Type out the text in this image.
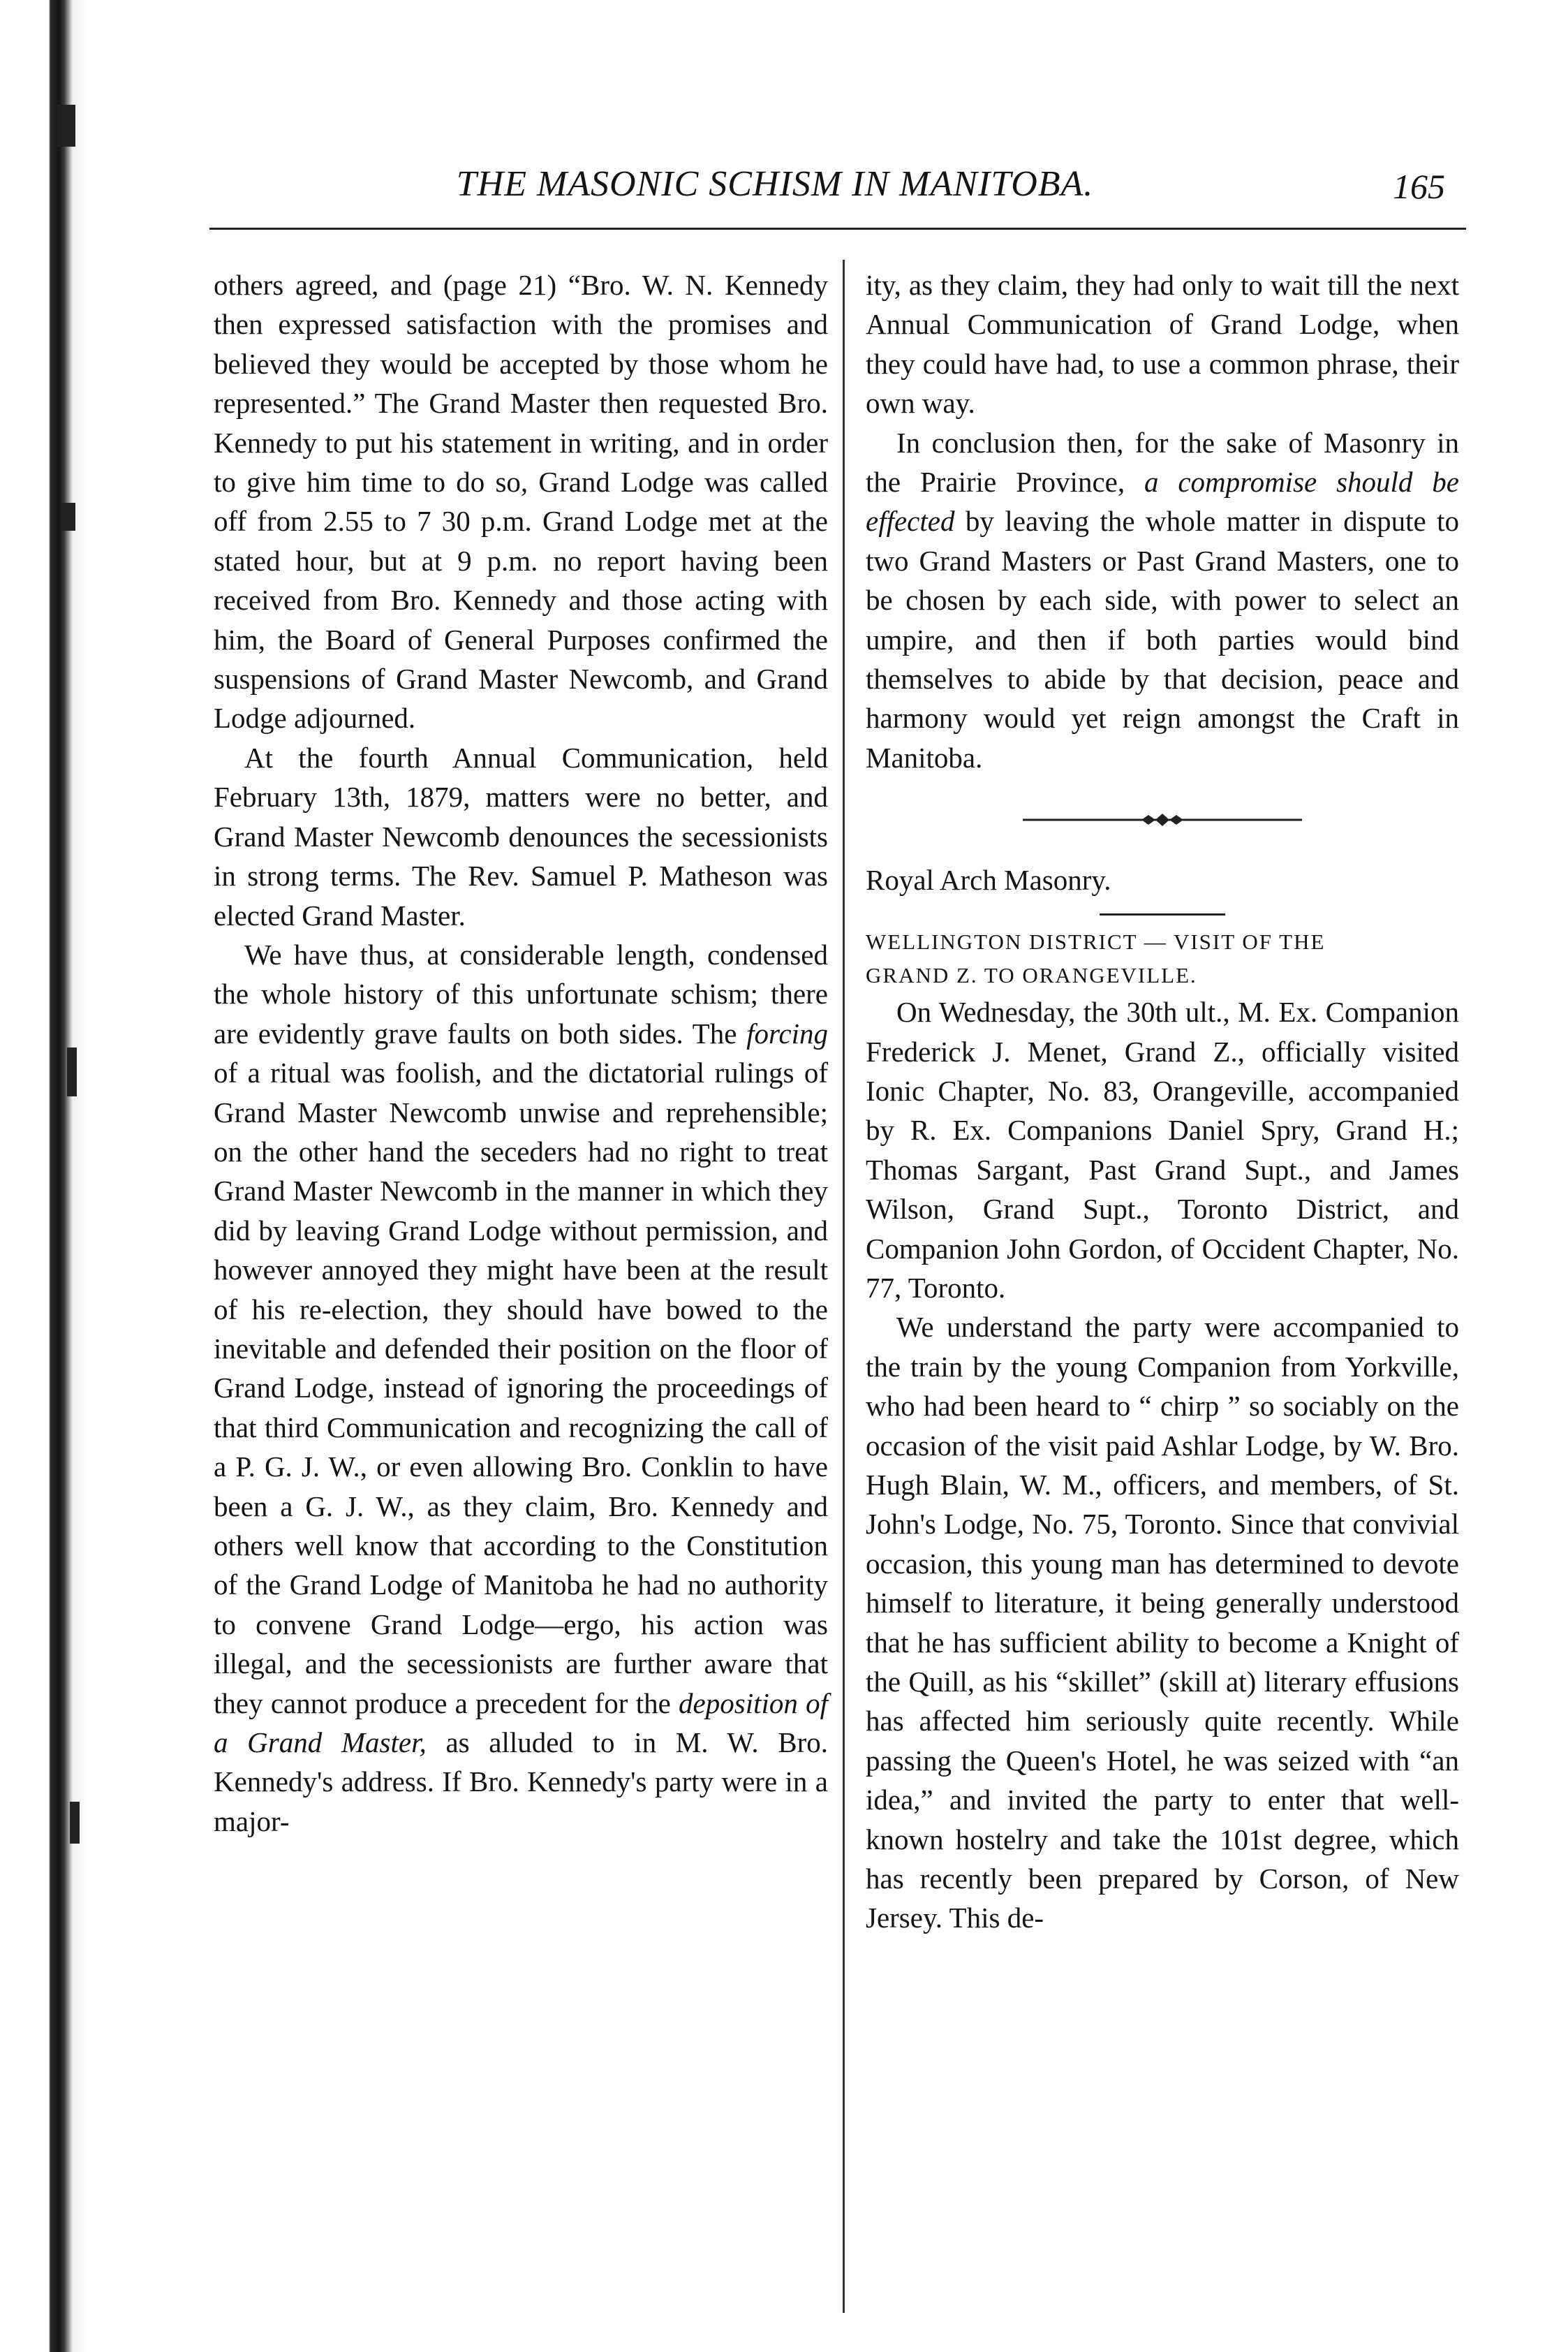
THE MASONIC SCHISM IN MANITOBA.	165

others agreed, and (page 21) “Bro. W. N. Kennedy then expressed satisfaction with the promises and believed they would be accepted by those whom he represented.” The Grand Master then requested Bro. Kennedy to put his statement in writing, and in order to give him time to do so, Grand Lodge was called off from 2.55 to 7 30 p.m. Grand Lodge met at the stated hour, but at 9 p.m. no report having been received from Bro. Kennedy and those acting with him, the Board of General Purposes confirmed the suspensions of Grand Master Newcomb, and Grand Lodge adjourned.

At the fourth Annual Communication, held February 13th, 1879, matters were no better, and Grand Master Newcomb denounces the secessionists in strong terms. The Rev. Samuel P. Matheson was elected Grand Master.

We have thus, at considerable length, condensed the whole history of this unfortunate schism; there are evidently grave faults on both sides. The forcing of a ritual was foolish, and the dictatorial rulings of Grand Master Newcomb unwise and reprehensible; on the other hand the seceders had no right to treat Grand Master Newcomb in the manner in which they did by leaving Grand Lodge without permission, and however annoyed they might have been at the result of his re-election, they should have bowed to the inevitable and defended their position on the floor of Grand Lodge, instead of ignoring the proceedings of that third Communication and recognizing the call of a P. G. J. W., or even allowing Bro. Conklin to have been a G. J. W., as they claim, Bro. Kennedy and others well know that according to the Constitution of the Grand Lodge of Manitoba he had no authority to convene Grand Lodge—ergo, his action was illegal, and the secessionists are further aware that they cannot produce a precedent for the deposition of a Grand Master, as alluded to in M. W. Bro. Kennedy's address. If Bro. Kennedy's party were in a major-

ity, as they claim, they had only to wait till the next Annual Communication of Grand Lodge, when they could have had, to use a common phrase, their own way.

In conclusion then, for the sake of Masonry in the Prairie Province, a compromise should be effected by leaving the whole matter in dispute to two Grand Masters or Past Grand Masters, one to be chosen by each side, with power to select an umpire, and then if both parties would bind themselves to abide by that decision, peace and harmony would yet reign amongst the Craft in Manitoba.

Royal Arch Masonry.

WELLINGTON DISTRICT — VISIT OF THE

GRAND Z. TO ORANGEVILLE.

On Wednesday, the 30th ult., M. Ex. Companion Frederick J. Menet, Grand Z., officially visited Ionic Chapter, No. 83, Orangeville, accompanied by R. Ex. Companions Daniel Spry, Grand H.; Thomas Sargant, Past Grand Supt., and James Wilson, Grand Supt., Toronto District, and Companion John Gordon, of Occident Chapter, No. 77, Toronto.

We understand the party were accompanied to the train by the young Companion from Yorkville, who had been heard to “ chirp ” so sociably on the occasion of the visit paid Ashlar Lodge, by W. Bro. Hugh Blain, W. M., officers, and members, of St. John's Lodge, No. 75, Toronto. Since that convivial occasion, this young man has determined to devote himself to literature, it being generally understood that he has sufficient ability to become a Knight of the Quill, as his “skillet” (skill at) literary effusions has affected him seriously quite recently. While passing the Queen's Hotel, he was seized with “an idea,” and invited the party to enter that well-known hostelry and take the 101st degree, which has recently been prepared by Corson, of New Jersey. This de-
